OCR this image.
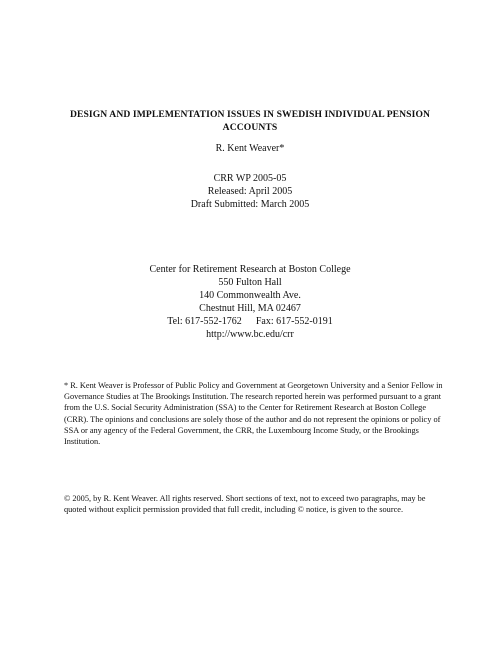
DESIGN AND IMPLEMENTATION ISSUES IN SWEDISH INDIVIDUAL PENSION ACCOUNTS
R. Kent Weaver*
CRR WP 2005-05
Released: April 2005
Draft Submitted: March 2005
Center for Retirement Research at Boston College
550 Fulton Hall
140 Commonwealth Ave.
Chestnut Hill, MA 02467
Tel: 617-552-1762 Fax: 617-552-0191
http://www.bc.edu/crr
* R. Kent Weaver is Professor of Public Policy and Government at Georgetown University and a Senior Fellow in Governance Studies at The Brookings Institution. The research reported herein was performed pursuant to a grant from the U.S. Social Security Administration (SSA) to the Center for Retirement Research at Boston College (CRR). The opinions and conclusions are solely those of the author and do not represent the opinions or policy of SSA or any agency of the Federal Government, the CRR, the Luxembourg Income Study, or the Brookings Institution.
© 2005, by R. Kent Weaver. All rights reserved. Short sections of text, not to exceed two paragraphs, may be quoted without explicit permission provided that full credit, including © notice, is given to the source.
